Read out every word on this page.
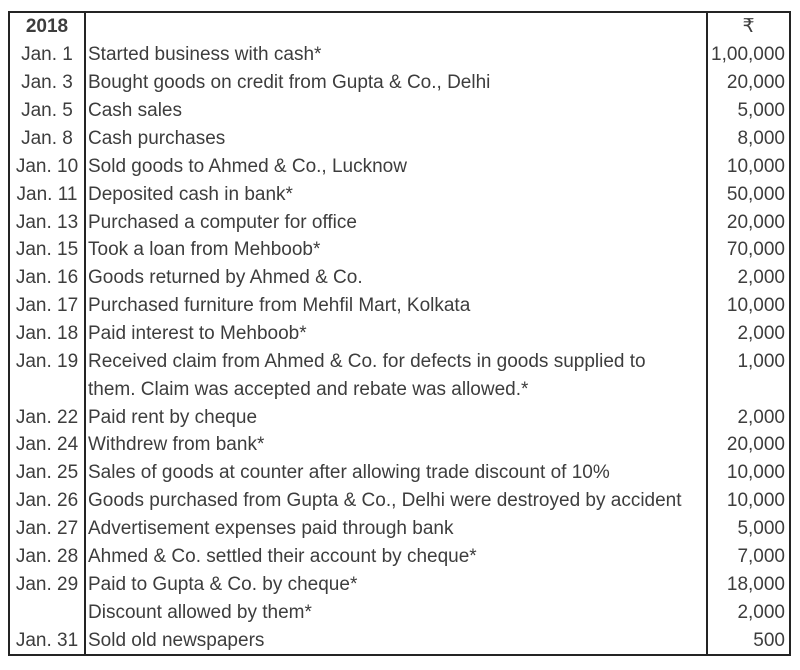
2018	₹
Jan. 1 Started business with cash*	1,00,000
Jan. 3 Bought goods on credit from Gupta & Co., Delhi	20,000
Jan. 5 Cash sales	5,000
Jan. 8 Cash purchases	8,000
Jan. 10 Sold goods to Ahmed & Co., Lucknow	10,000
Jan. 11 Deposited cash in bank*	50,000
Jan. 13 Purchased a computer for office	20,000
Jan. 15 Took a loan from Mehboob*	70,000
Jan. 16 Goods returned by Ahmed & Co.	2,000
Jan. 17 Purchased furniture from Mehfil Mart, Kolkata	10,000
Jan. 18 Paid interest to Mehboob*	2,000
Jan. 19 Received claim from Ahmed & Co. for defects in goods supplied to	1,000
them. Claim was accepted and rebate was allowed.*
Jan. 22 Paid rent by cheque	2,000
Jan. 24 Withdrew from bank*	20,000
Jan. 25 Sales of goods at counter after allowing trade discount of 10%	10,000
Jan. 26 Goods purchased from Gupta & Co., Delhi were destroyed by accident	10,000
Jan. 27 Advertisement expenses paid through bank	5,000
Jan. 28 Ahmed & Co. settled their account by cheque*	7,000
Jan. 29 Paid to Gupta & Co. by cheque*	18,000
Discount allowed by them*	2,000
Jan. 31 Sold old newspapers	500
